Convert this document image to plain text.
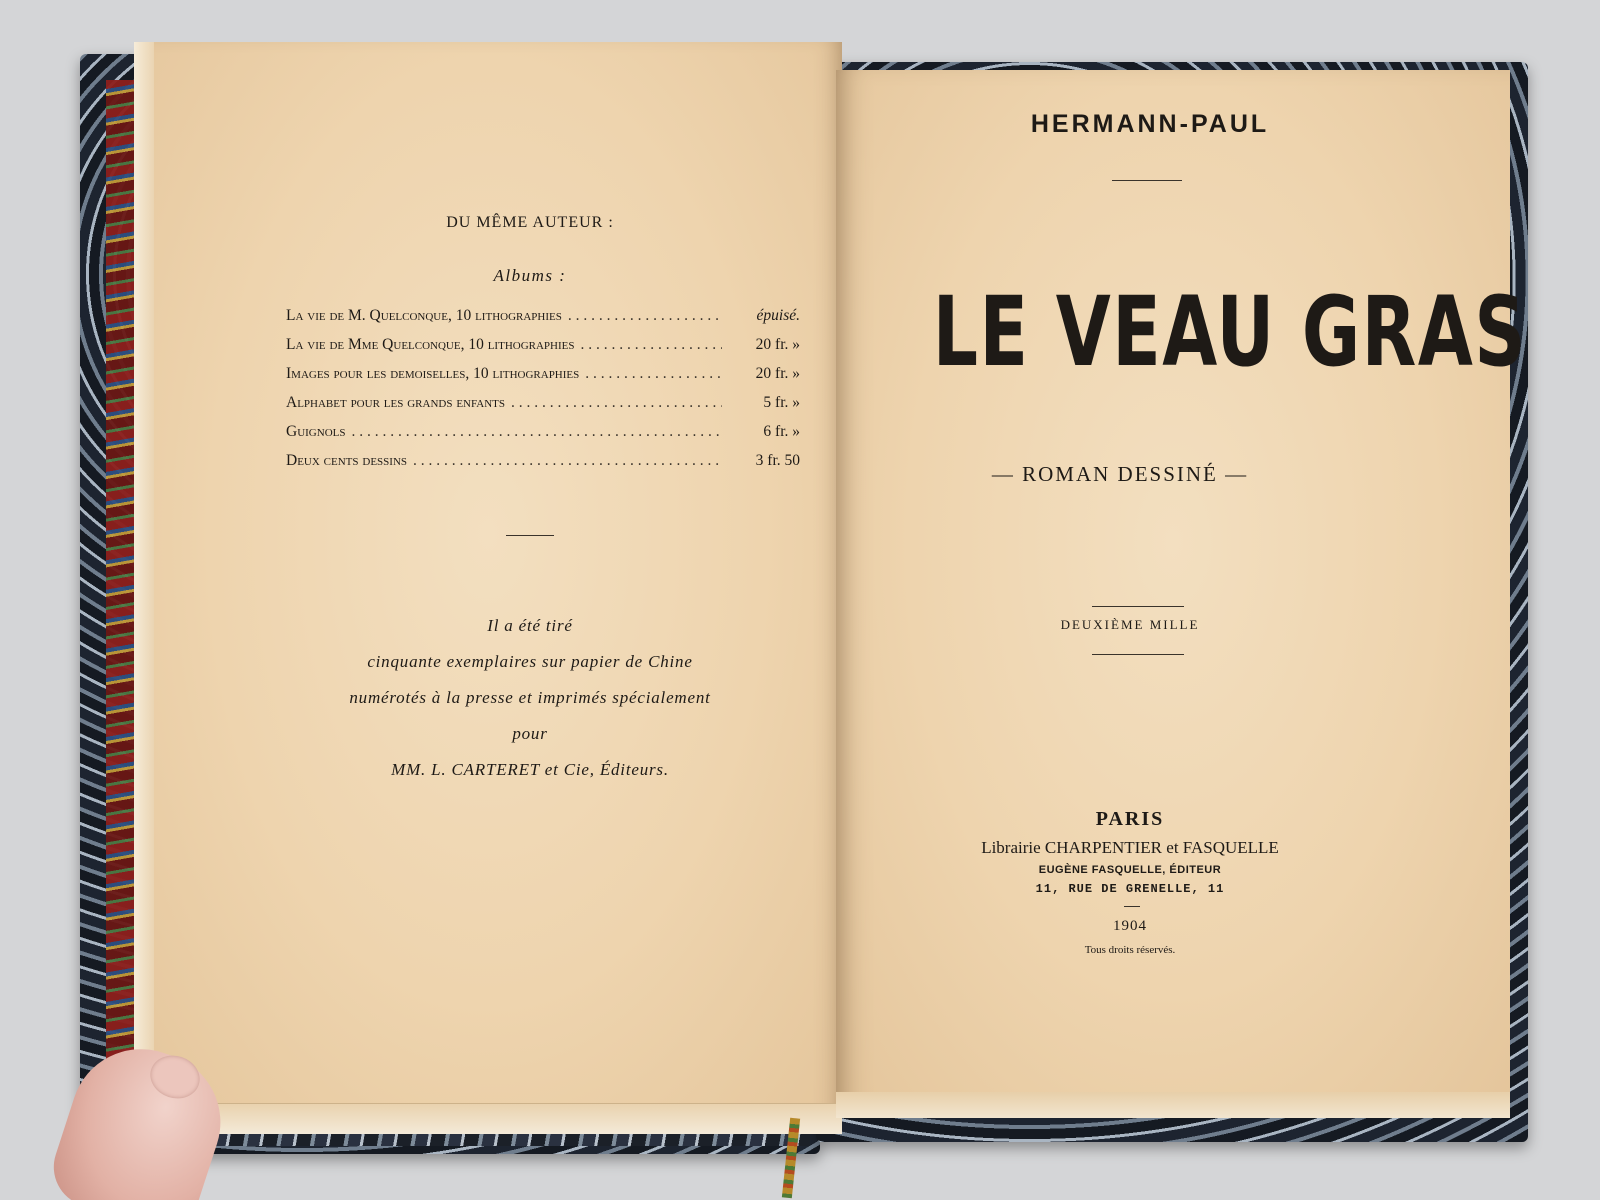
DU MÊME AUTEUR :
Albums :
La vie de M. Quelconque, 10 lithographies . . .	épuisé.
La vie de Mme Quelconque, 10 lithographies . . .	20 fr. »
Images pour les demoiselles, 10 lithographies . . .	20 fr. »
Alphabet pour les grands enfants . . .	5 fr. »
Guignols . . .	6 fr. »
Deux cents dessins . . .	3 fr. 50
Il a été tiré
cinquante exemplaires sur papier de Chine
numérotés à la presse et imprimés spécialement
pour
MM. L. CARTERET et Cie, Éditeurs.
HERMANN-PAUL
LE VEAU GRAS
— ROMAN DESSINÉ —
DEUXIÈME MILLE
PARIS
Librairie CHARPENTIER et FASQUELLE
EUGÈNE FASQUELLE, ÉDITEUR
11, RUE DE GRENELLE, 11
1904
Tous droits réservés.
